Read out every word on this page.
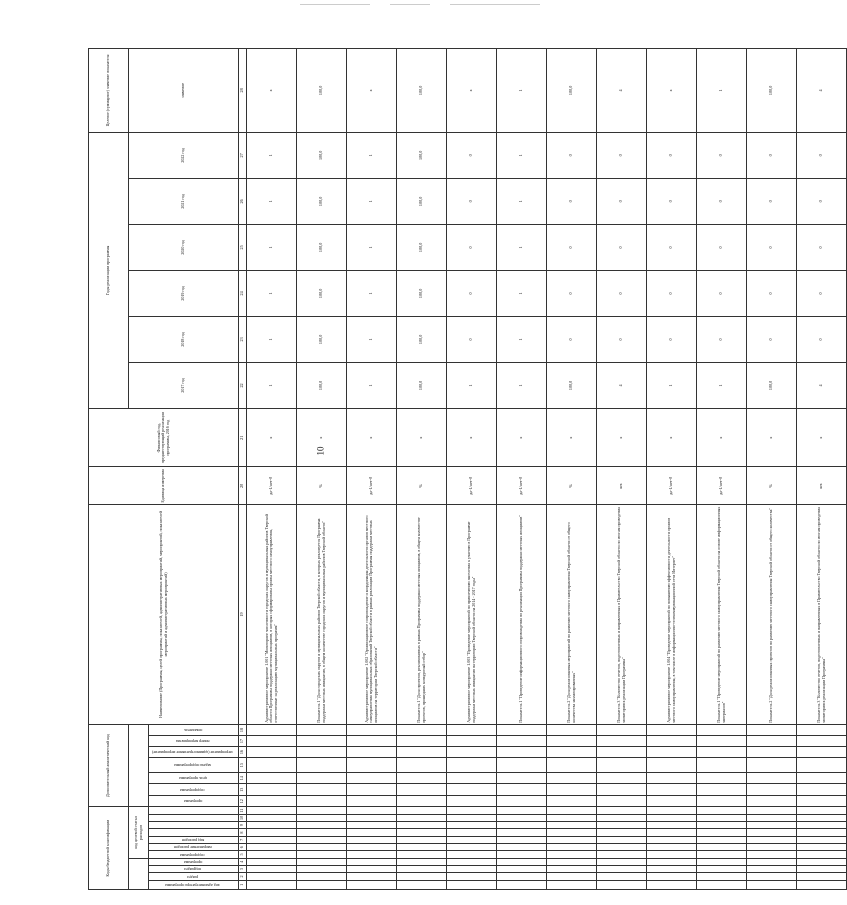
10
Коды бюджетной классификации											Дополнительный аналитический код							Наименование (Программы, целей программы, показателей, административных мероприятий, мероприятий, показателей мероприятий и административных мероприятий)	Единица измерения	Финансовый год, предшествующий реализации программы, 2016 год	Годы реализации программы						Целевое (суммарное) значение показателя
				код целевой статьи расходов																	2017 год	2018 год	2019 год	2020 год	2021 год	2022 год	значение
код администратора программы	раздел	подраздел	программа	подпрограмма	направление расходов	вид расходов					программа	подпрограмма	цель программы	задача подпрограммы	мероприятие (административное мероприятие)	номер мероприятия	показатель										
1	2	3	4	5	6	7	8	9	10	11	12	13	14	15	16	17	18	19	20	21	22	23	24	25	26	27	28
																		Административное мероприятие 1.001 "Мониторинг численности городских округов и муниципальных районов Тверской области Программы поддержки местных инициатив, в которых сформированы органы местного самоуправления, ответственные за реализацию муниципальных программ"	да-1/нет-0	х	1	1	1	1	1	1	х
																		Показатель 1 "Доля городских округов и муниципальных районов Тверской области, в которых реализуется Программа поддержки местных инициатив, в общем количестве городских округов и муниципальных районов Тверской области"	%	х	100,0	100,0	100,0	100,0	100,0	100,0	100,0
																		Административное мероприятие 1.002 "Организационное сопровождение и координация деятельности органов местного самоуправления муниципальных образований Тверской области в рамках реализации Программы поддержки местных инициатив на территории Тверской области"	да-1/нет-0	х	1	1	1	1	1	1	х
																		Показатель 1 "Доля проектов, реализованных в рамках Программы поддержки местных инициатив, в общем количестве проектов, прошедших конкурсный отбор"	%	х	100,0	100,0	100,0	100,0	100,0	100,0	100,0
																		Административное мероприятие 1.003 "Проведение мероприятий по привлечению населения к участию в Программе поддержки местных инициатив на территории Тверской области на 2014 - 2017 годы"	да-1/нет-0	х	1	0	0	0	0	0	х
																		Показатель 1 "Проведение информационного сопровождения по реализации Программы поддержки местных инициатив"	да-1/нет-0	х	1	1	1	1	1	1	1
																		Показатель 2 "Доля реализованных мероприятий по развитию местного самоуправления Тверской области от общего количества запланированных"	%	х	100,0	0	0	0	0	0	100,0
																		Показатель 3 "Количество отчетов, подготовленных и направленных в Правительство Тверской области по итогам проведения мониторинга реализации Программы"	шт.	х	4	0	0	0	0	0	4
																		Административное мероприятие 1.004 "Проведение мероприятий по повышению эффективности деятельности органов местного самоуправления, в том числе в информационно-телекоммуникационной сети Интернет"	да-1/нет-0	х	1	0	0	0	0	0	х
																		Показатель 1 "Проведение мероприятий по развитию местного самоуправления Тверской области на основе информационных материалов"	да-1/нет-0	х	1	0	0	0	0	0	1
																		Показатель 2 "Доля реализованных проектов по развитию местного самоуправления Тверской области от общего количества"	%	х	100,0	0	0	0	0	0	100,0
																		Показатель 3 "Количество отчетов, подготовленных и направленных в Правительство Тверской области по итогам проведения мониторинга реализации Программы"	шт.	х	4	0	0	0	0	0	4
